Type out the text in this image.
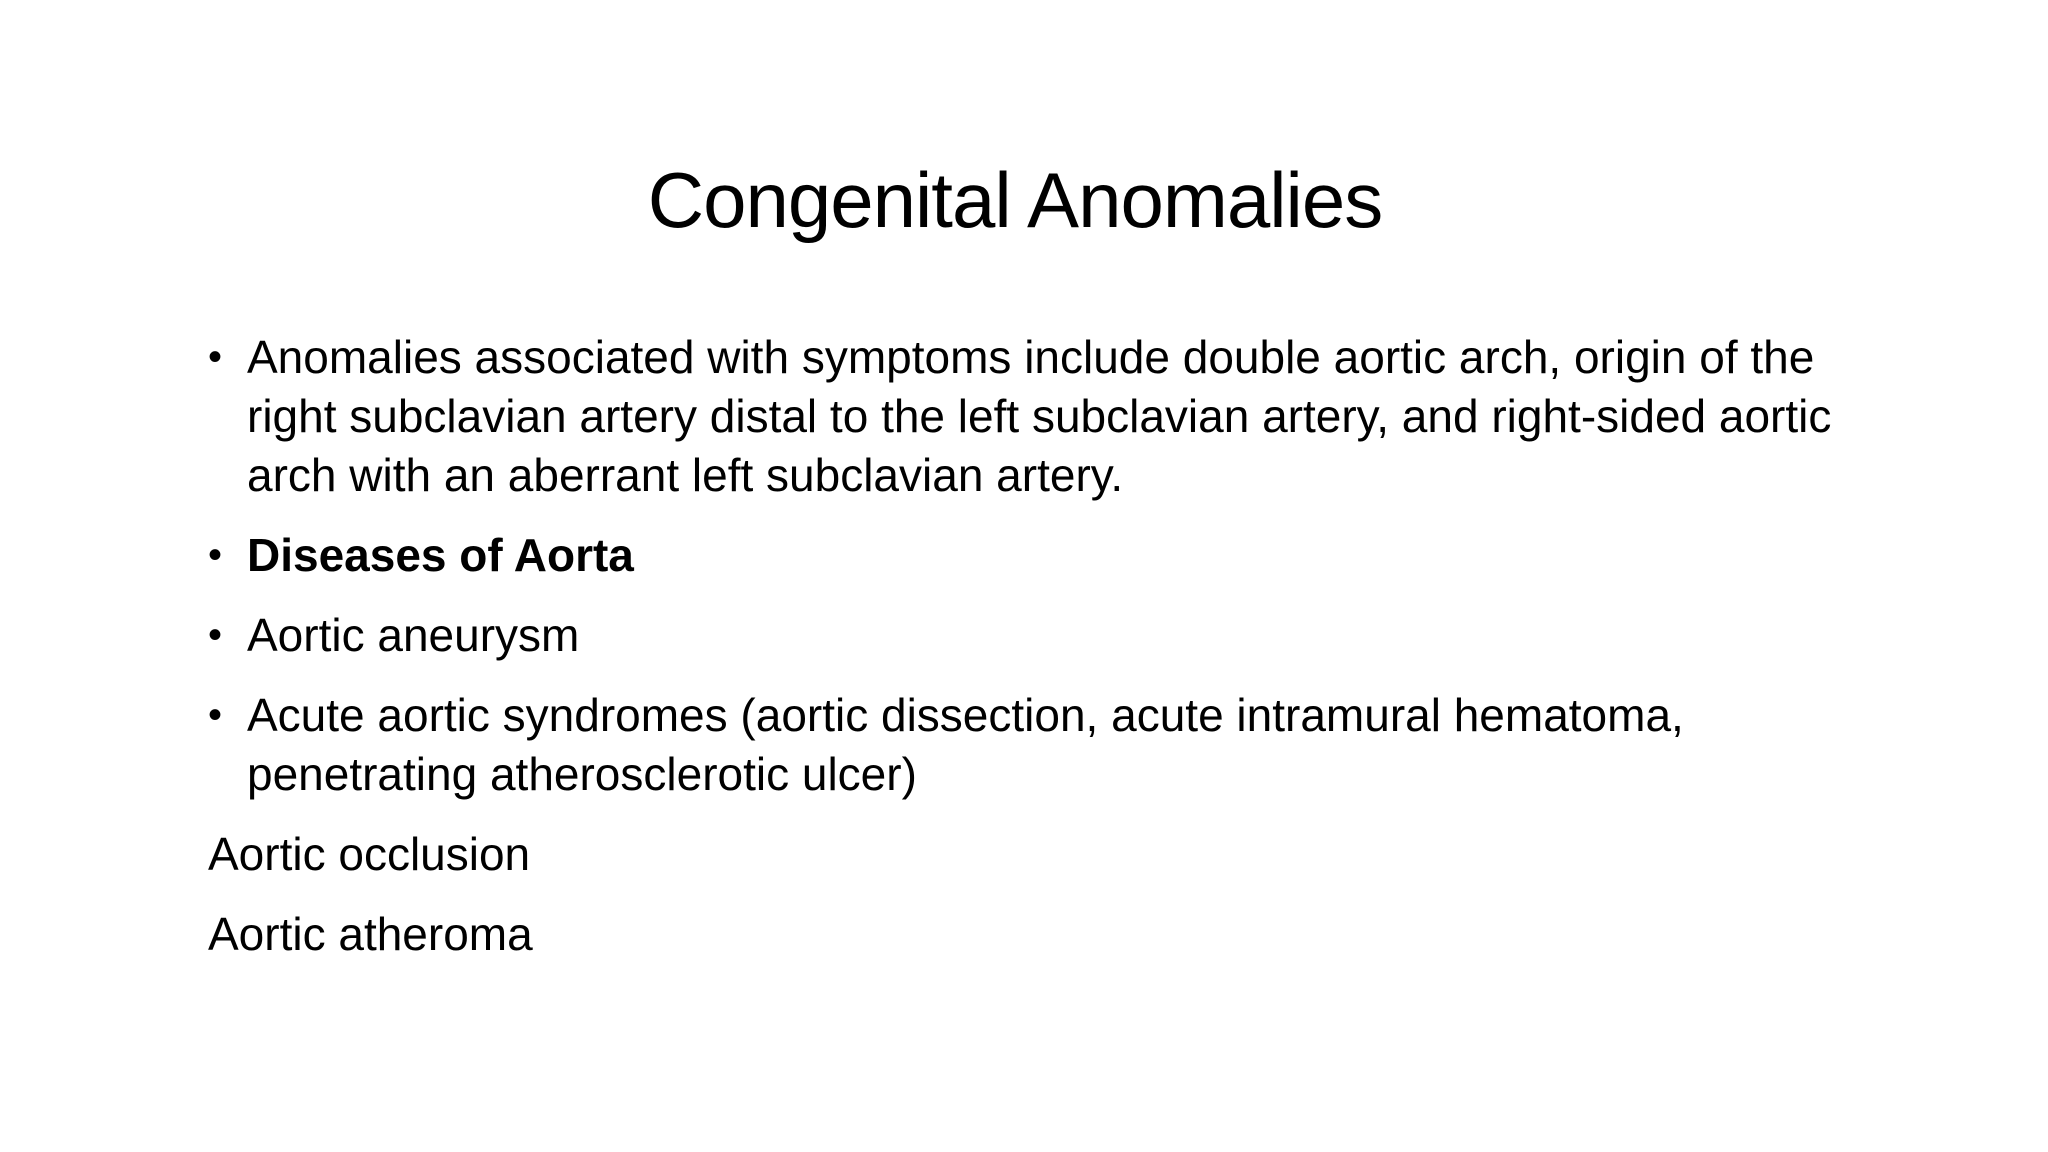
Congenital Anomalies
• Anomalies associated with symptoms include double aortic arch, origin of the right subclavian artery distal to the left subclavian artery, and right-sided aortic arch with an aberrant left subclavian artery.
• Diseases of Aorta
• Aortic aneurysm
• Acute aortic syndromes (aortic dissection, acute intramural hematoma, penetrating atherosclerotic ulcer)

Aortic occlusion

Aortic atheroma
